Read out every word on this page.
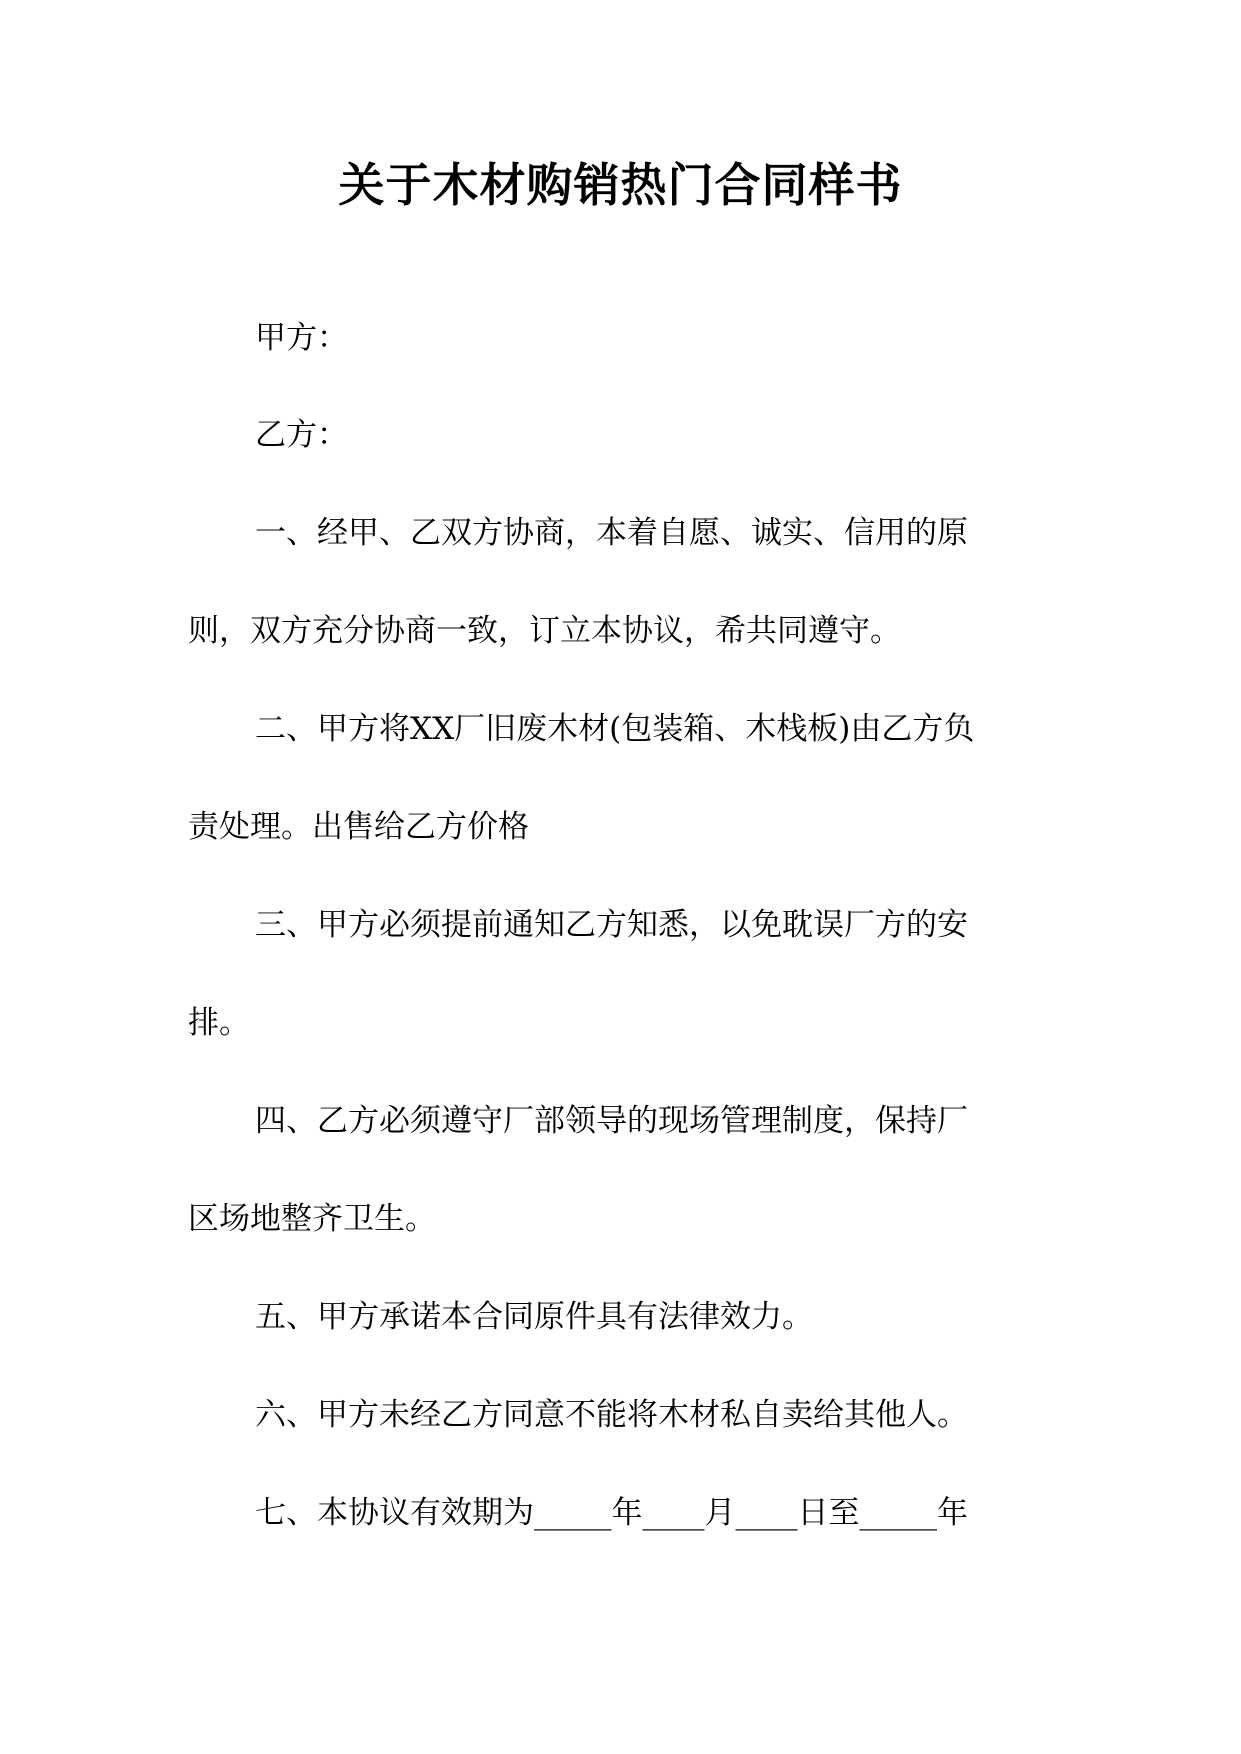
关于木材购销热门合同样书
甲方：
乙方：
一、经甲、乙双方协商，本着自愿、诚实、信用的原
则，双方充分协商一致，订立本协议，希共同遵守。
二、甲方将XX厂旧废木材(包装箱、木栈板)由乙方负
责处理。出售给乙方价格
三、甲方必须提前通知乙方知悉，以免耽误厂方的安
排。
四、乙方必须遵守厂部领导的现场管理制度，保持厂
区场地整齐卫生。
五、甲方承诺本合同原件具有法律效力。
六、甲方未经乙方同意不能将木材私自卖给其他人。
七、本协议有效期为_____年____月____日至_____年
